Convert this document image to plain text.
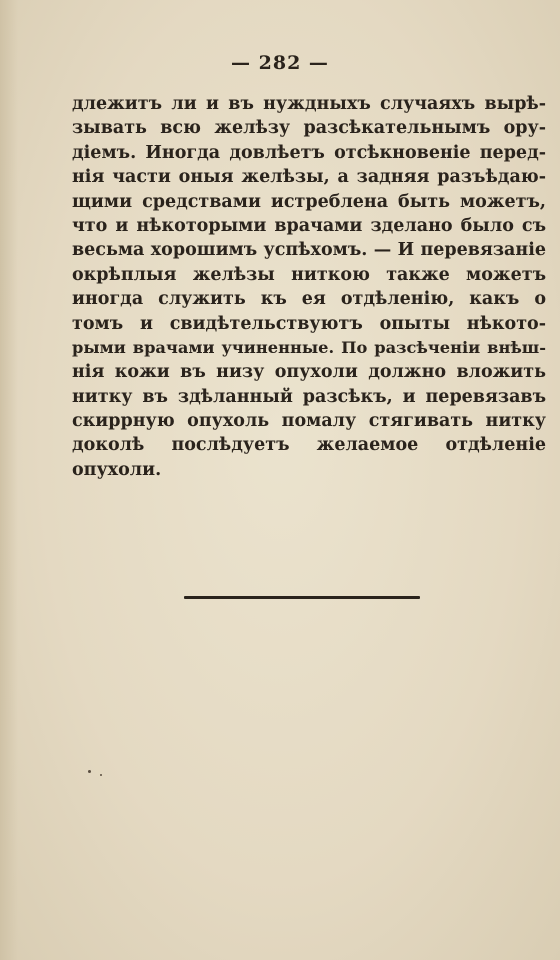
— 282 —
длежитъ ли и въ нуждныхъ случаяхъ вырѣ-
зывать всю желѣзу разсѣкательнымъ ору-
діемъ. Иногда довлѣетъ отсѣкновеніе перед-
нія части оныя желѣзы, а задняя разъѣдаю-
щими средствами истреблена быть можетъ,
что и нѣкоторыми врачами зделано было съ
весьма хорошимъ успѣхомъ. — И перевязаніе
окрѣплыя желѣзы ниткою также можетъ
иногда служить къ ея отдѣленію, какъ о
томъ и свидѣтельствуютъ опыты нѣкото-
рыми врачами учиненные. По разсѣченіи внѣш-
нія кожи въ низу опухоли должно вложить
нитку въ здѣланный разсѣкъ, и перевязавъ
скиррную опухоль помалу стягивать нитку
доколѣ послѣдуетъ желаемое отдѣленіе
опухоли.
